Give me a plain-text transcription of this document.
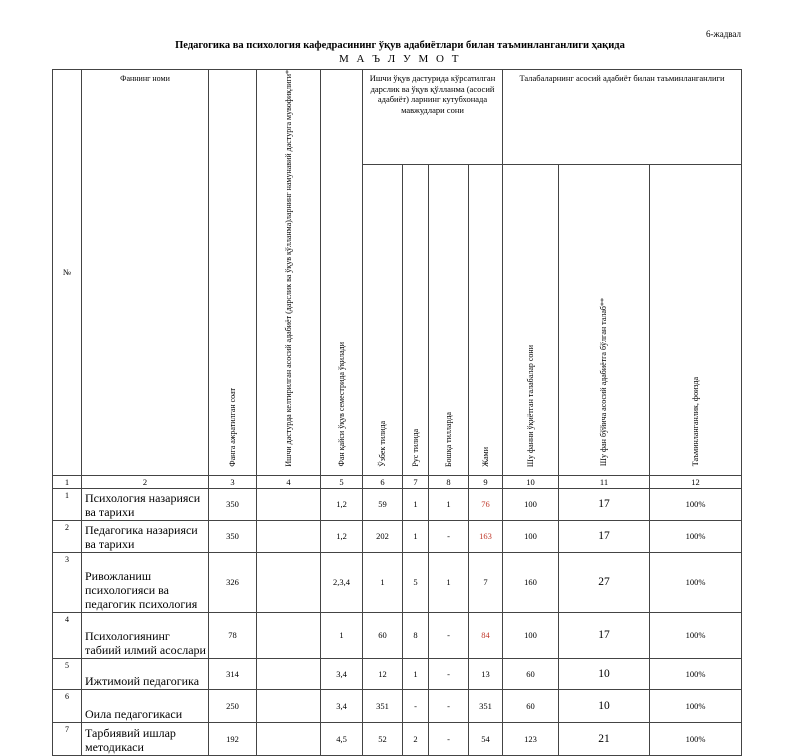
6-жадвал
Педагогика ва психология кафедрасининг ўқув адабиётлари билан таъминланганлиги ҳақида
М А Ъ Л У М О Т
№	Фаннинг номи	Фанга ажратилган соат	Ишчи дастурда келтирилган асосий адабиёт (дарслик ва ўқув қўлланма)ларнинг намунавий дастурга мувофиқлиги*	Фан қайси ўқув семестрида ўқилади	Ишчи ўқув дастурида кўрсатилган дарслик ва ўқув қўлланма (асосий адабиёт) ларнинг кутубхонада мавжудлари сони				Талабаларнинг асосий адабиёт билан таъминланганлиги		
					Ўзбек тилида	Рус тилида	Бошқа тилларда	Жами	Шу фанни ўқиётган талабалар сони	Шу фан бўйича асосий адабиётга бўлган талаб**	Таъминланганлик, фоизда
1	2	3	4	5	6	7	8	9	10	11	12
1	Психология назарияси ва тарихи	350		1,2	59	1	1	76	100	17	100%
2	Педагогика назарияси ва тарихи	350		1,2	202	1	-	163	100	17	100%
3	Ривожланиш психологияси ва педагогик психология	326		2,3,4	1	5	1	7	160	27	100%
4	Психологиянинг табиий илмий асослари	78		1	60	8	-	84	100	17	100%
5	Ижтимоий педагогика	314		3,4	12	1	-	13	60	10	100%
6	Оила педагогикаси	250		3,4	351	-	-	351	60	10	100%
7	Тарбиявий ишлар методикаси	192		4,5	52	2	-	54	123	21	100%
